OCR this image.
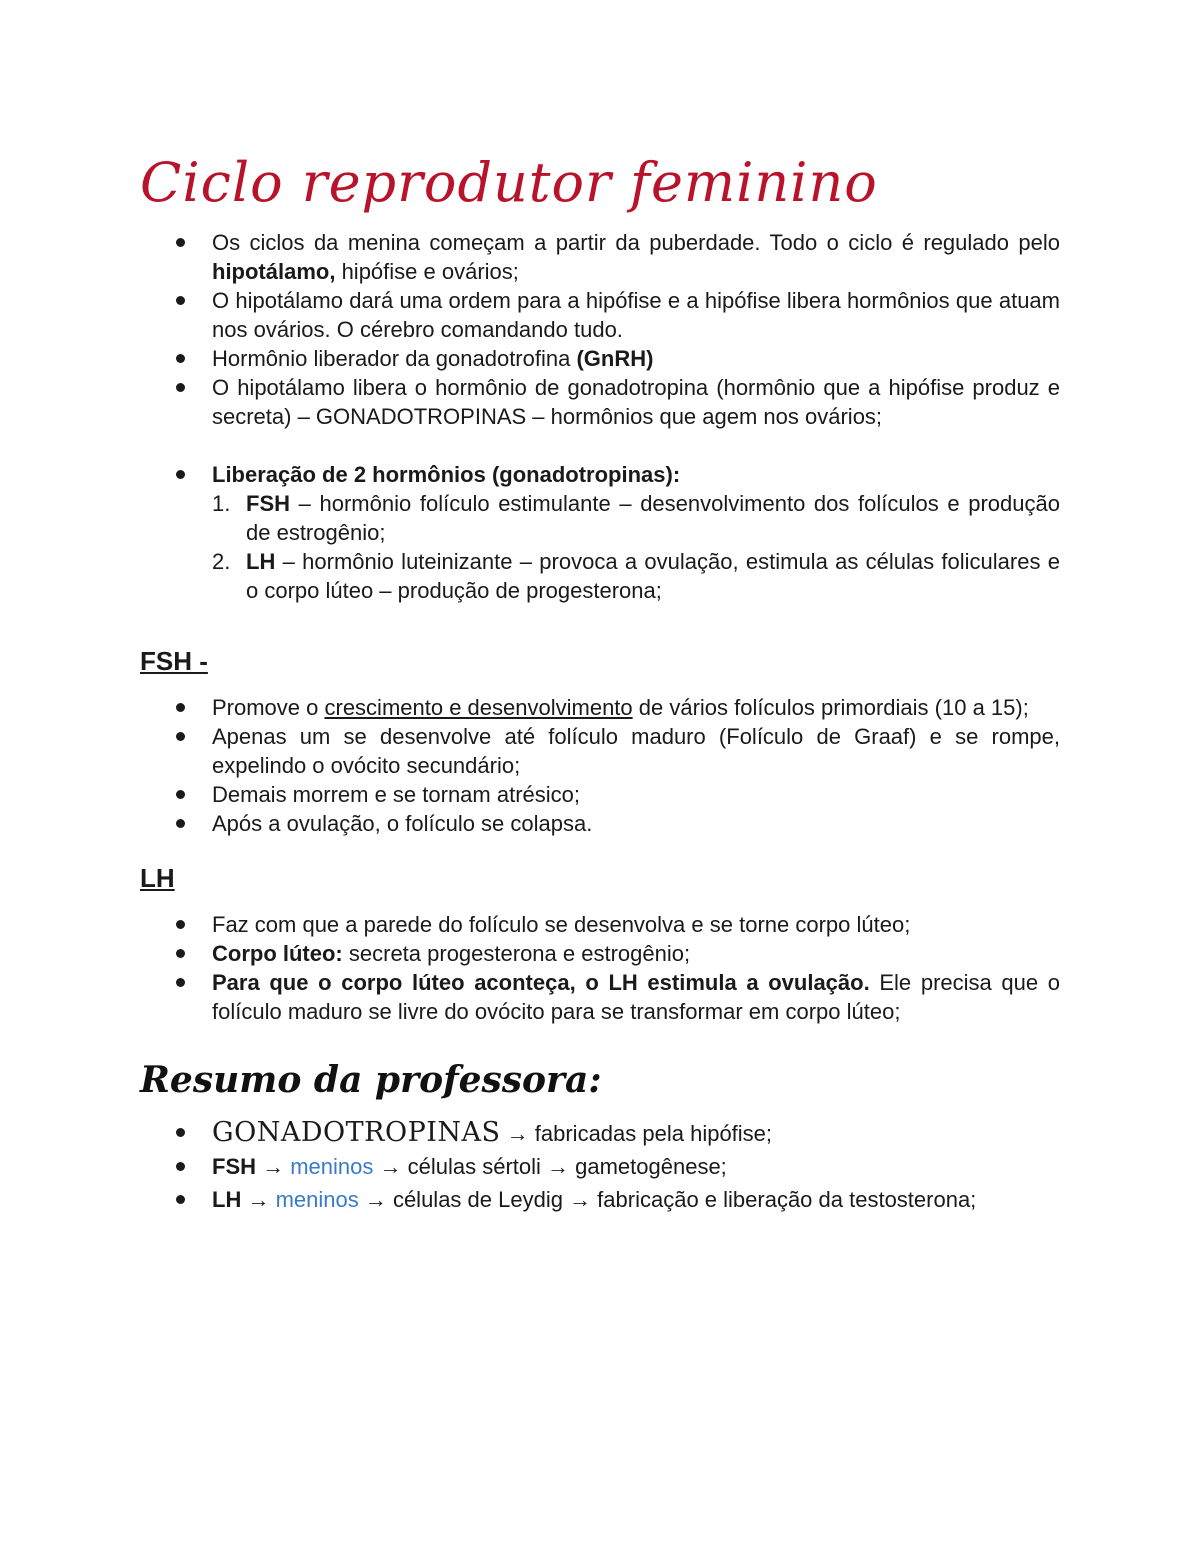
Ciclo reprodutor feminino
Os ciclos da menina começam a partir da puberdade. Todo o ciclo é regulado pelo hipotálamo, hipófise e ovários;
O hipotálamo dará uma ordem para a hipófise e a hipófise libera hormônios que atuam nos ovários. O cérebro comandando tudo.
Hormônio liberador da gonadotrofina (GnRH)
O hipotálamo libera o hormônio de gonadotropina (hormônio que a hipófise produz e secreta) – GONADOTROPINAS – hormônios que agem nos ovários;
Liberação de 2 hormônios (gonadotropinas):
1. FSH – hormônio folículo estimulante – desenvolvimento dos folículos e produção de estrogênio;
2. LH – hormônio luteinizante – provoca a ovulação, estimula as células foliculares e o corpo lúteo – produção de progesterona;
FSH -
Promove o crescimento e desenvolvimento de vários folículos primordiais (10 a 15);
Apenas um se desenvolve até folículo maduro (Folículo de Graaf) e se rompe, expelindo o ovócito secundário;
Demais morrem e se tornam atrésico;
Após a ovulação, o folículo se colapsa.
LH
Faz com que a parede do folículo se desenvolva e se torne corpo lúteo;
Corpo lúteo: secreta progesterona e estrogênio;
Para que o corpo lúteo aconteça, o LH estimula a ovulação. Ele precisa que o folículo maduro se livre do ovócito para se transformar em corpo lúteo;
Resumo da professora:
GONADOTROPINAS → fabricadas pela hipófise;
FSH → meninos → células sértoli → gametogênese;
LH → meninos → células de Leydig → fabricação e liberação da testosterona;
